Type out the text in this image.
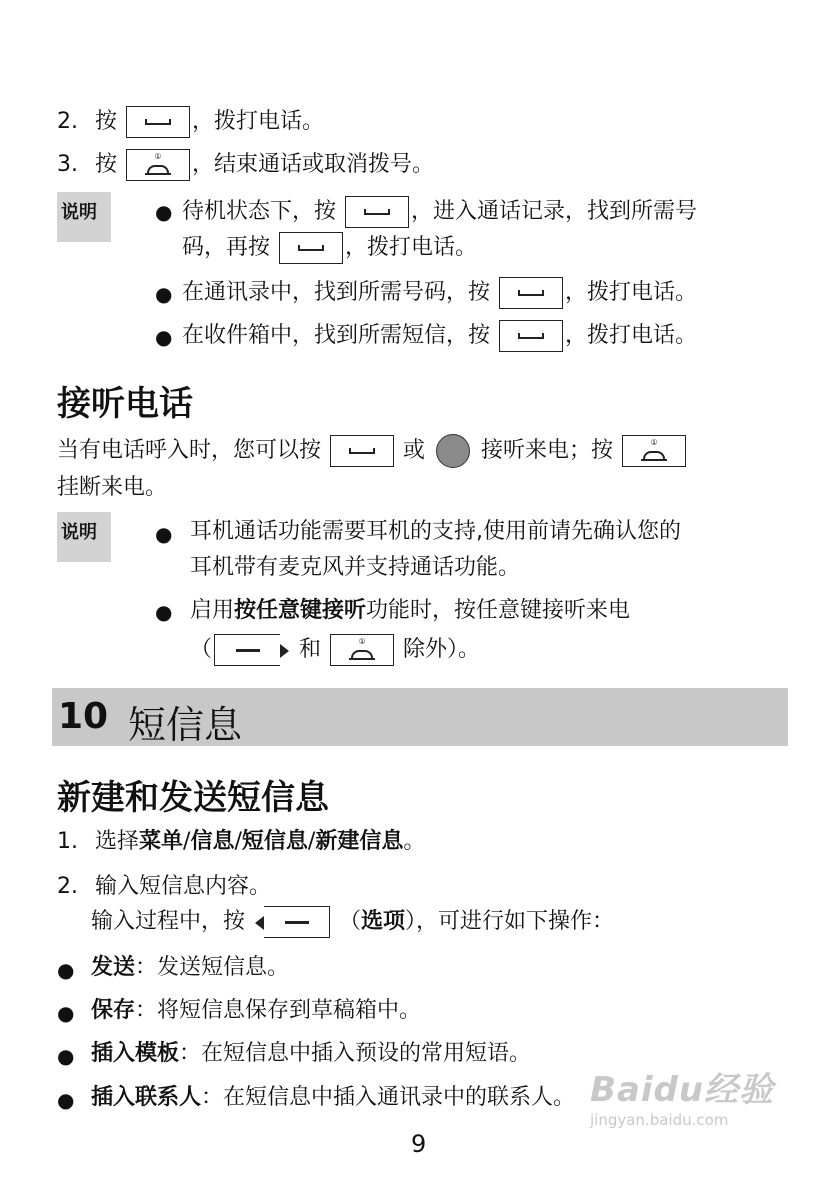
2. 按	，拨打电话。
3. 按	① ，结束通话或取消拨号。
说明	● 待机状态下，按	，进入通话记录，找到所需号
码，再按	，拨打电话。
● 在通讯录中，找到所需号码，按	，拨打电话。
● 在收件箱中，找到所需短信，按	，拨打电话。
接听电话
当有电话呼入时，您可以按	或	接听来电；按	①
挂断来电。
说明	● 耳机通话功能需要耳机的支持,使用前请先确认您的
耳机带有麦克风并支持通话功能。
● 启用按任意键接听功能时，按任意键接听来电
（	和	① 除外）。
10 短信息
新建和发送短信息
1. 选择菜单/信息/短信息/新建信息。
2. 输入短信息内容。
输入过程中，按	（选项），可进行如下操作：
● 发送：发送短信息。
● 保存：将短信息保存到草稿箱中。
● 插入模板：在短信息中插入预设的常用短语。
● 插入联系人：在短信息中插入通讯录中的联系人。
9
Baidu经验
jingyan.baidu.com
